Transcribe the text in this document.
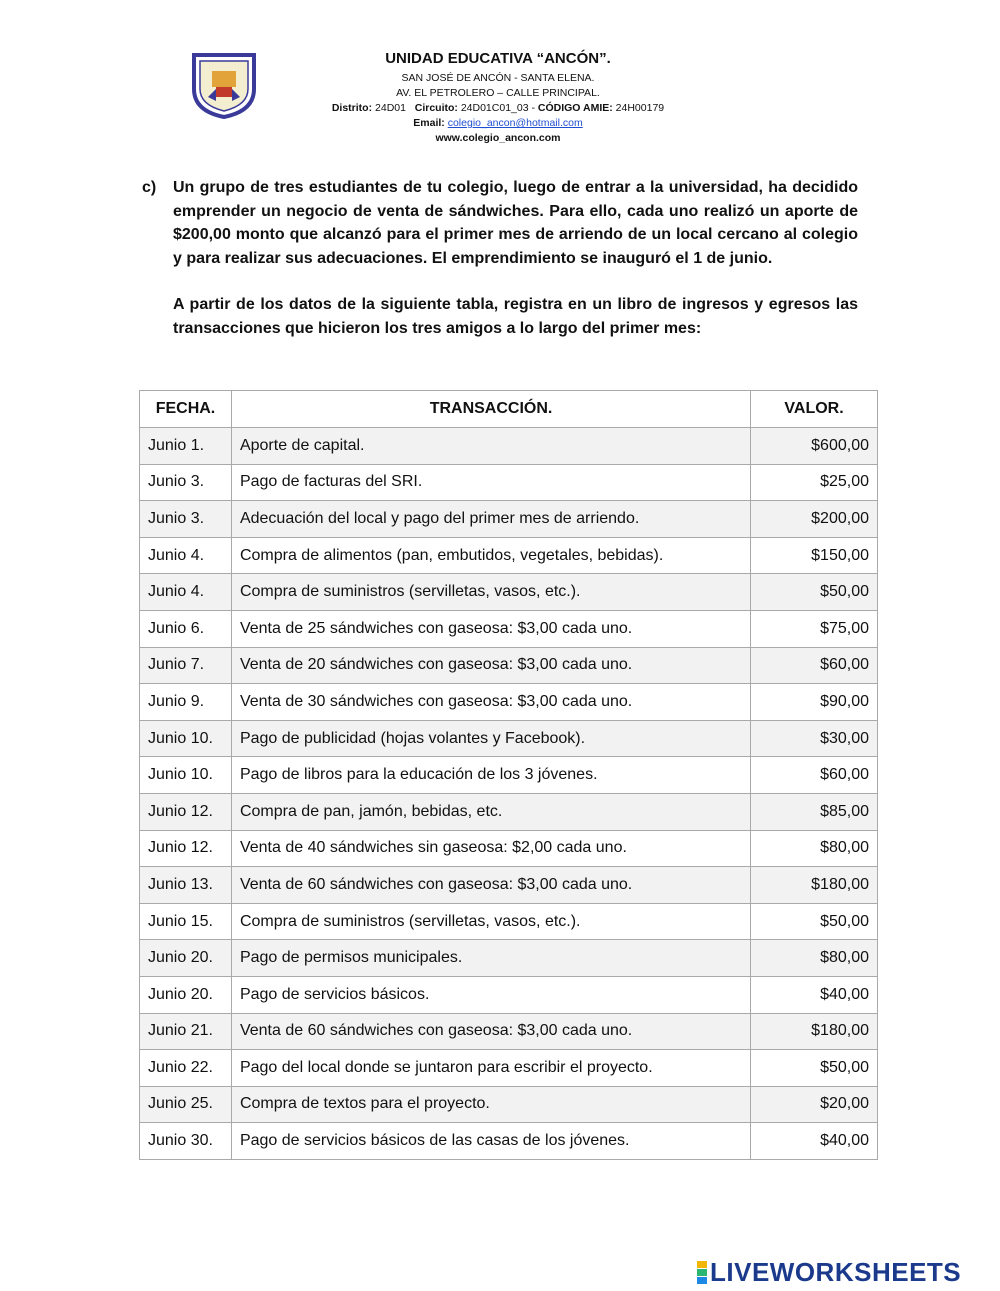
UNIDAD EDUCATIVA “ANCÓN”.
SAN JOSÉ DE ANCÓN - SANTA ELENA.
AV. EL PETROLERO – CALLE PRINCIPAL.
Distrito: 24D01 Circuito: 24D01C01_03 - CÓDIGO AMIE: 24H00179
Email: colegio_ancon@hotmail.com
www.colegio_ancon.com
c) Un grupo de tres estudiantes de tu colegio, luego de entrar a la universidad, ha decidido emprender un negocio de venta de sándwiches. Para ello, cada uno realizó un aporte de $200,00 monto que alcanzó para el primer mes de arriendo de un local cercano al colegio y para realizar sus adecuaciones. El emprendimiento se inauguró el 1 de junio.
A partir de los datos de la siguiente tabla, registra en un libro de ingresos y egresos las transacciones que hicieron los tres amigos a lo largo del primer mes:
FECHA.	TRANSACCIÓN.	VALOR.
Junio 1.	Aporte de capital.	$600,00
Junio 3.	Pago de facturas del SRI.	$25,00
Junio 3.	Adecuación del local y pago del primer mes de arriendo.	$200,00
Junio 4.	Compra de alimentos (pan, embutidos, vegetales, bebidas).	$150,00
Junio 4.	Compra de suministros (servilletas, vasos, etc.).	$50,00
Junio 6.	Venta de 25 sándwiches con gaseosa: $3,00 cada uno.	$75,00
Junio 7.	Venta de 20 sándwiches con gaseosa: $3,00 cada uno.	$60,00
Junio 9.	Venta de 30 sándwiches con gaseosa: $3,00 cada uno.	$90,00
Junio 10.	Pago de publicidad (hojas volantes y Facebook).	$30,00
Junio 10.	Pago de libros para la educación de los 3 jóvenes.	$60,00
Junio 12.	Compra de pan, jamón, bebidas, etc.	$85,00
Junio 12.	Venta de 40 sándwiches sin gaseosa: $2,00 cada uno.	$80,00
Junio 13.	Venta de 60 sándwiches con gaseosa: $3,00 cada uno.	$180,00
Junio 15.	Compra de suministros (servilletas, vasos, etc.).	$50,00
Junio 20.	Pago de permisos municipales.	$80,00
Junio 20.	Pago de servicios básicos.	$40,00
Junio 21.	Venta de 60 sándwiches con gaseosa: $3,00 cada uno.	$180,00
Junio 22.	Pago del local donde se juntaron para escribir el proyecto.	$50,00
Junio 25.	Compra de textos para el proyecto.	$20,00
Junio 30.	Pago de servicios básicos de las casas de los jóvenes.	$40,00
LIVEWORKSHEETS
